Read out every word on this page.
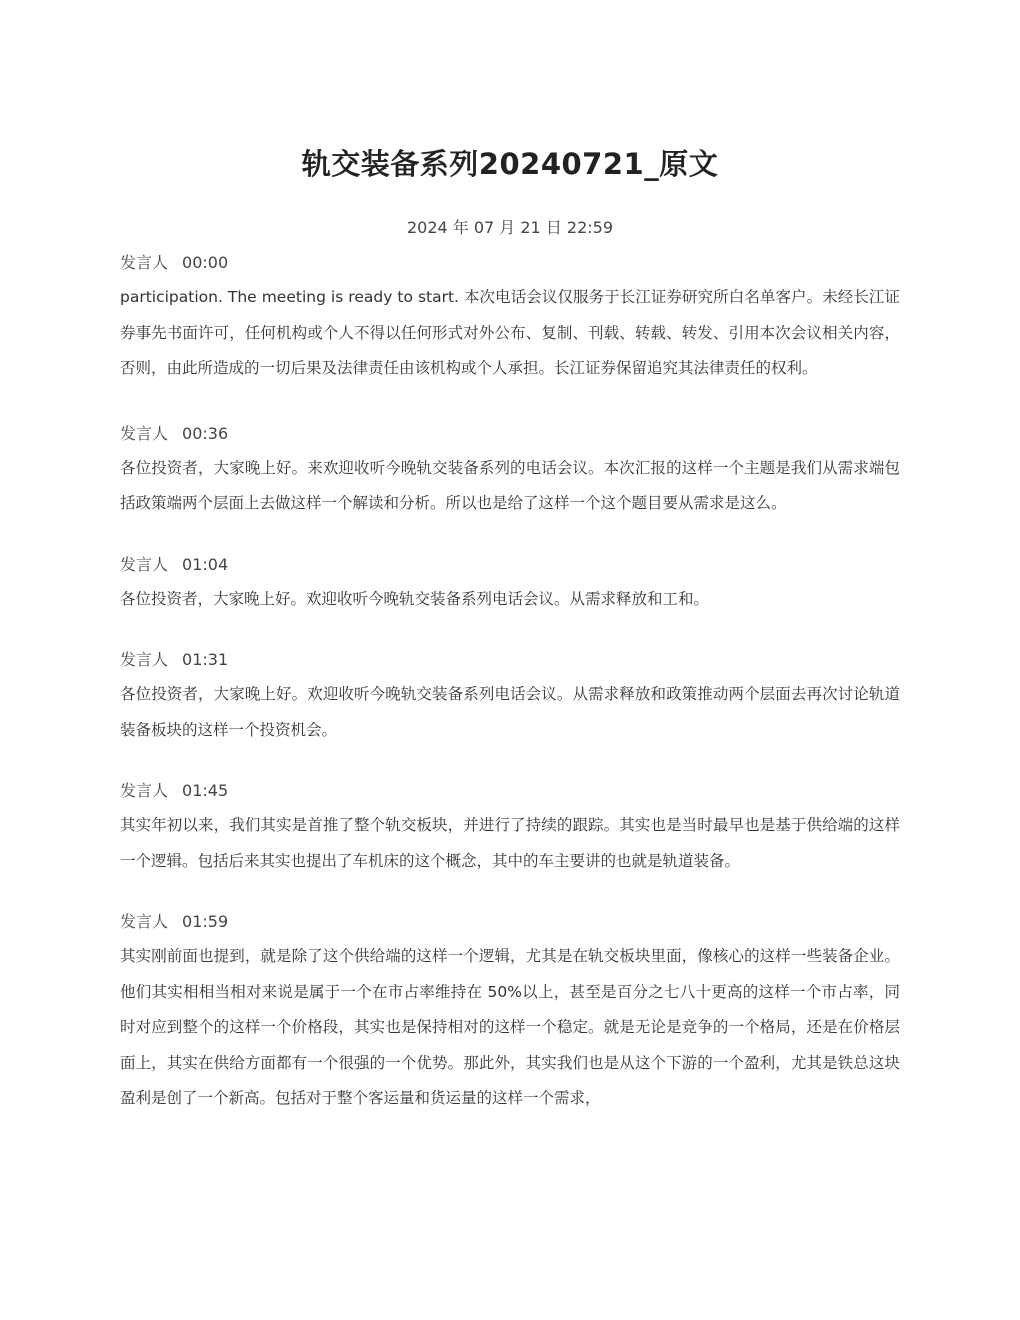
轨交装备系列20240721_原文
2024 年 07 月 21 日 22:59
发言人 00:00
participation. The meeting is ready to start. 本次电话会议仅服务于长江证券研究所白名单客户。未经长江证券事先书面许可，任何机构或个人不得以任何形式对外公布、复制、刊载、转载、转发、引用本次会议相关内容，否则，由此所造成的一切后果及法律责任由该机构或个人承担。长江证券保留追究其法律责任的权利。
发言人 00:36
各位投资者，大家晚上好。来欢迎收听今晚轨交装备系列的电话会议。本次汇报的这样一个主题是我们从需求端包括政策端两个层面上去做这样一个解读和分析。所以也是给了这样一个这个题目要从需求是这么。
发言人 01:04
各位投资者，大家晚上好。欢迎收听今晚轨交装备系列电话会议。从需求释放和工和。
发言人 01:31
各位投资者，大家晚上好。欢迎收听今晚轨交装备系列电话会议。从需求释放和政策推动两个层面去再次讨论轨道装备板块的这样一个投资机会。
发言人 01:45
其实年初以来，我们其实是首推了整个轨交板块，并进行了持续的跟踪。其实也是当时最早也是基于供给端的这样一个逻辑。包括后来其实也提出了车机床的这个概念，其中的车主要讲的也就是轨道装备。
发言人 01:59
其实刚前面也提到，就是除了这个供给端的这样一个逻辑，尤其是在轨交板块里面，像核心的这样一些装备企业。他们其实相相当相对来说是属于一个在市占率维持在 50%以上，甚至是百分之七八十更高的这样一个市占率，同时对应到整个的这样一个价格段，其实也是保持相对的这样一个稳定。就是无论是竞争的一个格局，还是在价格层面上，其实在供给方面都有一个很强的一个优势。那此外，其实我们也是从这个下游的一个盈利，尤其是铁总这块盈利是创了一个新高。包括对于整个客运量和货运量的这样一个需求，
